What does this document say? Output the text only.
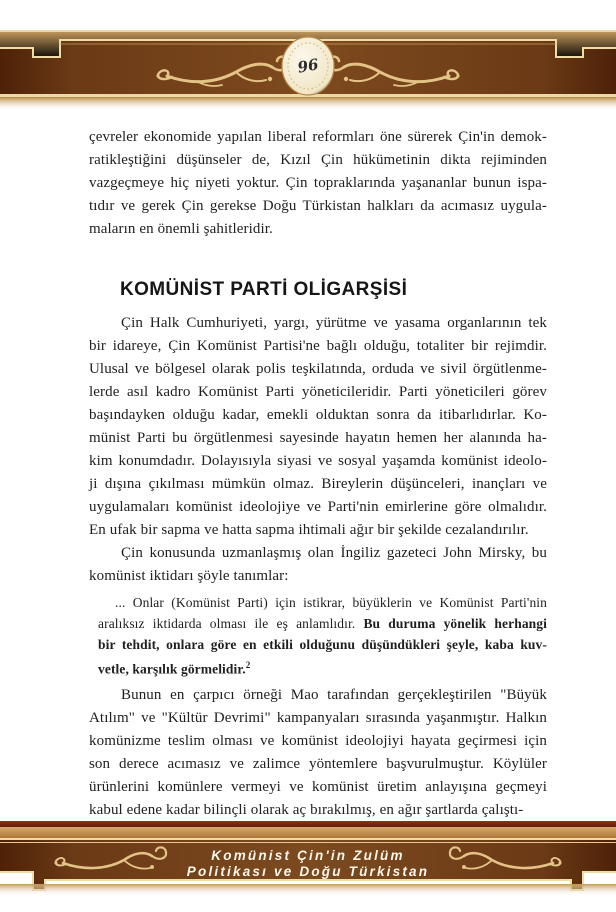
96
çevreler ekonomide yapılan liberal reformları öne sürerek Çin'in demok-
ratikleştiğini düşünseler de, Kızıl Çin hükümetinin dikta rejiminden
vazgeçmeye hiç niyeti yoktur. Çin topraklarında yaşananlar bunun ispa-
tıdır ve gerek Çin gerekse Doğu Türkistan halkları da acımasız uygula-
maların en önemli şahitleridir.
KOMÜNİST PARTİ OLİGARŞİSİ
Çin Halk Cumhuriyeti, yargı, yürütme ve yasama organlarının tek
bir idareye, Çin Komünist Partisi'ne bağlı olduğu, totaliter bir rejimdir.
Ulusal ve bölgesel olarak polis teşkilatında, orduda ve sivil örgütlenme-
lerde asıl kadro Komünist Parti yöneticileridir. Parti yöneticileri görev
başındayken olduğu kadar, emekli olduktan sonra da itibarlıdırlar. Ko-
münist Parti bu örgütlenmesi sayesinde hayatın hemen her alanında ha-
kim konumdadır. Dolayısıyla siyasi ve sosyal yaşamda komünist ideolo-
ji dışına çıkılması mümkün olmaz. Bireylerin düşünceleri, inançları ve
uygulamaları komünist ideolojiye ve Parti'nin emirlerine göre olmalıdır.
En ufak bir sapma ve hatta sapma ihtimali ağır bir şekilde cezalandırılır.
Çin konusunda uzmanlaşmış olan İngiliz gazeteci John Mirsky, bu
komünist iktidarı şöyle tanımlar:
... Onlar (Komünist Parti) için istikrar, büyüklerin ve Komünist Parti'nin
aralıksız iktidarda olması ile eş anlamlıdır. Bu duruma yönelik herhangi
bir tehdit, onlara göre en etkili olduğunu düşündükleri şeyle, kaba kuv-
vetle, karşılık görmelidir.$^2$
Bunun en çarpıcı örneği Mao tarafından gerçekleştirilen "Büyük
Atılım" ve "Kültür Devrimi" kampanyaları sırasında yaşanmıştır. Halkın
komünizme teslim olması ve komünist ideolojiyi hayata geçirmesi için
son derece acımasız ve zalimce yöntemlere başvurulmuştur. Köylüler
ürünlerini komünlere vermeyi ve komünist üretim anlayışına geçmeyi
kabul edene kadar bilinçli olarak aç bırakılmış, en ağır şartlarda çalıştı-
Komünist Çin'in Zulüm
Politikası ve Doğu Türkistan
